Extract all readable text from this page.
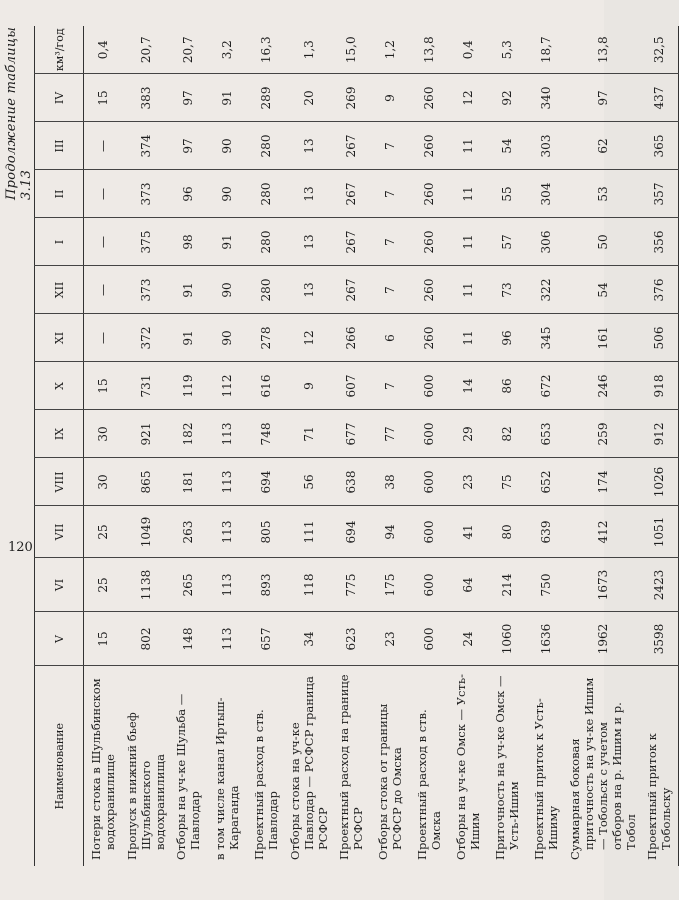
Продолжение таблицы 3.13
Наименование	V	VI	VII	VIII	IX	X	XI	XII	I	II	III	IV	км³/год
Потери стока в Шульбинском водохранилище	15	25	25	30	30	15	—	—	—	—	—	15	0,4
Пропуск в нижний бьеф Шульбинского водохранилища	802	1138	1049	865	921	731	372	373	375	373	374	383	20,7
Отборы на уч-ке Шульба — Павлодар	148	265	263	181	182	119	91	91	98	96	97	97	20,7
в том числе канал Иртыш-Караганда	113	113	113	113	113	112	90	90	91	90	90	91	3,2
Проектный расход в ств. Павлодар	657	893	805	694	748	616	278	280	280	280	280	289	16,3
Отборы стока на уч-ке Павлодар — РСФСР граница РСФСР	34	118	111	56	71	9	12	13	13	13	13	20	1,3
Проектный расход на границе РСФСР	623	775	694	638	677	607	266	267	267	267	267	269	15,0
Отборы стока от границы РСФСР до Омска	23	175	94	38	77	7	6	7	7	7	7	9	1,2
Проектный расход в ств. Омска	600	600	600	600	600	600	260	260	260	260	260	260	13,8
Отборы на уч-ке Омск — Усть-Ишим	24	64	41	23	29	14	11	11	11	11	11	12	0,4
Приточность на уч-ке Омск — Усть-Ишим	1060	214	80	75	82	86	96	73	57	55	54	92	5,3
Проектный приток к Усть-Ишиму	1636	750	639	652	653	672	345	322	306	304	303	340	18,7
Суммарная боковая приточность на уч-ке Ишим — Тобольск с учетом отборов на р. Ишим и р. Тобол	1962	1673	412	174	259	246	161	54	50	53	62	97	13,8
Проектный приток к Тобольску	3598	2423	1051	1026	912	918	506	376	356	357	365	437	32,5
120
